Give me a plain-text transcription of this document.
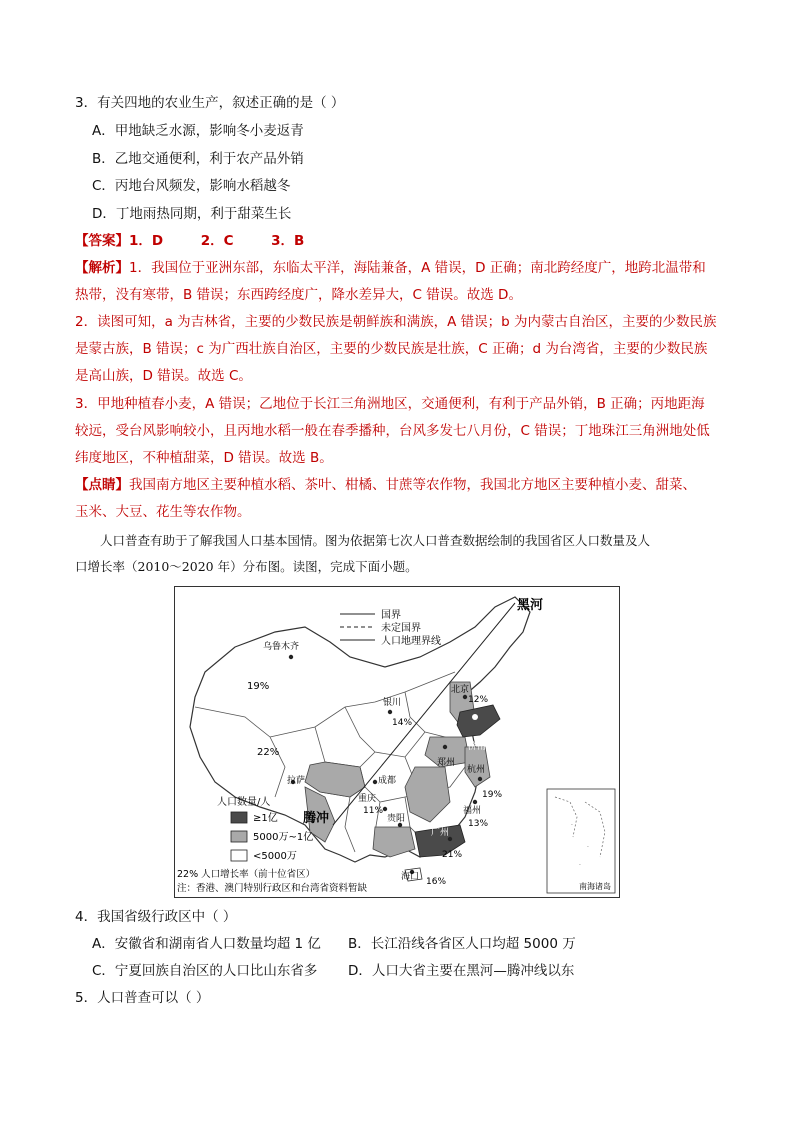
3．有关四地的农业生产，叙述正确的是（ ）
A．甲地缺乏水源，影响冬小麦返青
B．乙地交通便利，利于农产品外销
C．丙地台风频发，影响水稻越冬
D．丁地雨热同期，利于甜菜生长
【答案】1．D        2．C        3．B
【解析】1．我国位于亚洲东部，东临太平洋，海陆兼备，A 错误，D 正确；南北跨经度广，地跨北温带和
热带，没有寒带，B 错误；东西跨经度广，降水差异大，C 错误。故选 D。
2．读图可知，a 为吉林省，主要的少数民族是朝鲜族和满族，A 错误；b 为内蒙古自治区，主要的少数民族
是蒙古族，B 错误；c 为广西壮族自治区，主要的少数民族是壮族，C 正确；d 为台湾省，主要的少数民族
是高山族，D 错误。故选 C。
3．甲地种植春小麦，A 错误；乙地位于长江三角洲地区，交通便利，有利于产品外销，B 正确；丙地距海
较远，受台风影响较小，且丙地水稻一般在春季播种，台风多发七八月份，C 错误；丁地珠江三角洲地处低
纬度地区，不种植甜菜，D 错误。故选 B。
【点睛】我国南方地区主要种植水稻、茶叶、柑橘、甘蔗等农作物，我国北方地区主要种植小麦、甜菜、
玉米、大豆、花生等农作物。
人口普查有助于了解我国人口基本国情。图为依据第七次人口普查数据绘制的我国省区人口数量及人
口增长率（2010～2020 年）分布图。读图，完成下面小题。
国界
未定国界
人口地理界线
黑河
腾冲
乌鲁木齐
拉萨
银川
北京
济南
郑州
成都
重庆
贵阳
杭州
福州
广州
海口
19%
22%
14%
12%
19%
13%
21%
16%
11%
人口数量/人
≥1亿
5000万~1亿
<5000万
22% 人口增长率（前十位省区）
注：香港、澳门特别行政区和台湾省资料暂缺
·
·
·
南海诸岛
4．我国省级行政区中（ ）
A．安徽省和湖南省人口数量均超 1 亿 B．长江沿线各省区人口均超 5000 万
C．宁夏回族自治区的人口比山东省多 D．人口大省主要在黑河—腾冲线以东
5．人口普查可以（ ）
